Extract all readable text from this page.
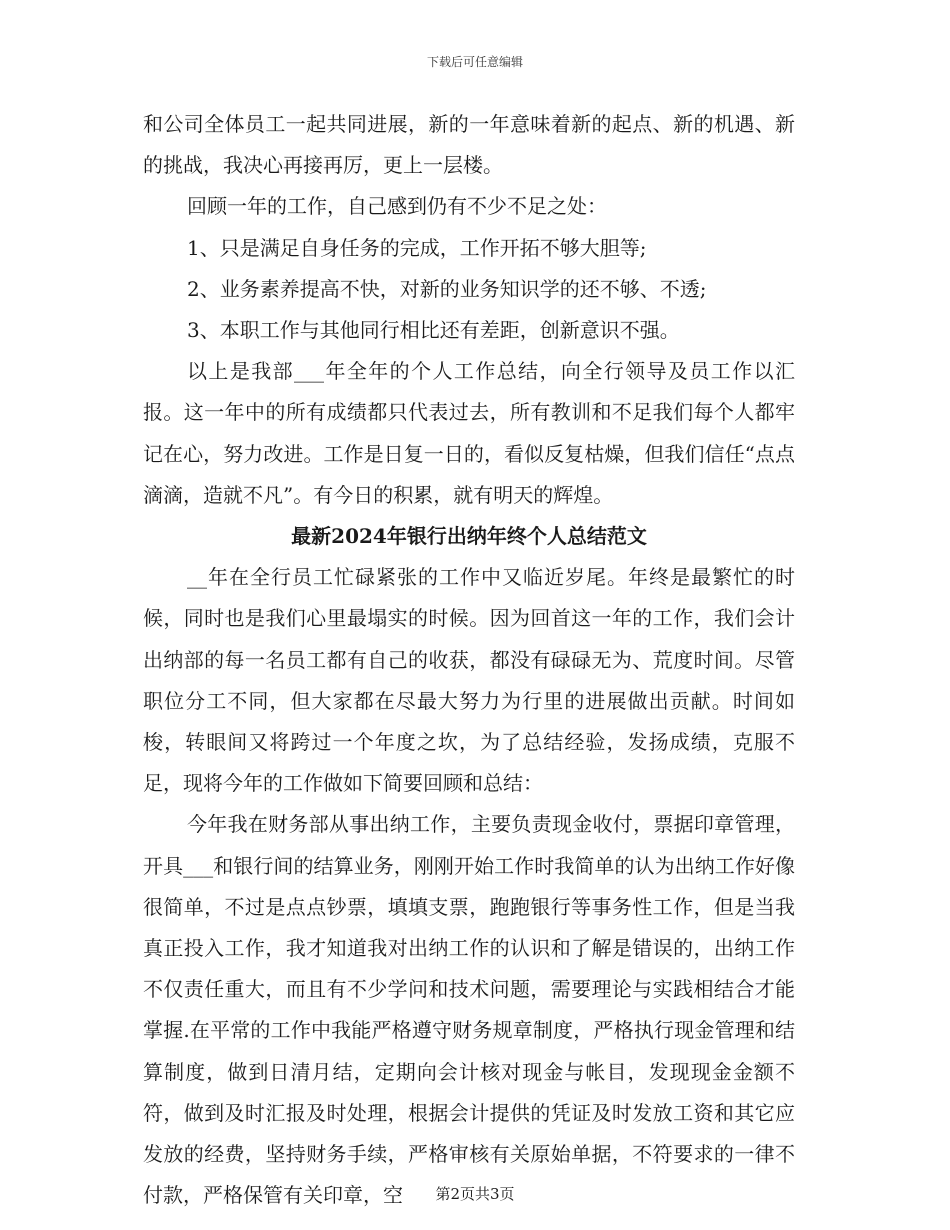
下载后可任意编辑

和公司全体员工一起共同进展，新的一年意味着新的起点、新的机遇、新的挑战，我决心再接再厉，更上一层楼。

回顾一年的工作，自己感到仍有不少不足之处：

1、只是满足自身任务的完成，工作开拓不够大胆等;

2、业务素养提高不快，对新的业务知识学的还不够、不透;

3、本职工作与其他同行相比还有差距，创新意识不强。

以上是我部___年全年的个人工作总结，向全行领导及员工作以汇报。这一年中的所有成绩都只代表过去，所有教训和不足我们每个人都牢记在心，努力改进。工作是日复一日的，看似反复枯燥，但我们信任“点点滴滴，造就不凡”。有今日的积累，就有明天的辉煌。

最新2024年银行出纳年终个人总结范文

__年在全行员工忙碌紧张的工作中又临近岁尾。年终是最繁忙的时候，同时也是我们心里最塌实的时候。因为回首这一年的工作，我们会计出纳部的每一名员工都有自己的收获，都没有碌碌无为、荒度时间。尽管职位分工不同，但大家都在尽最大努力为行里的进展做出贡献。时间如梭，转眼间又将跨过一个年度之坎，为了总结经验，发扬成绩，克服不足，现将今年的工作做如下简要回顾和总结：

今年我在财务部从事出纳工作，主要负责现金收付，票据印章管理，开具___和银行间的结算业务，刚刚开始工作时我简单的认为出纳工作好像很简单，不过是点点钞票，填填支票，跑跑银行等事务性工作，但是当我真正投入工作，我才知道我对出纳工作的认识和了解是错误的，出纳工作不仅责任重大，而且有不少学问和技术问题，需要理论与实践相结合才能掌握.在平常的工作中我能严格遵守财务规章制度，严格执行现金管理和结算制度，做到日清月结，定期向会计核对现金与帐目，发现现金金额不符，做到及时汇报及时处理，根据会计提供的凭证及时发放工资和其它应发放的经费，坚持财务手续，严格审核有关原始单据，不符要求的一律不付款，严格保管有关印章，空	第2页共3页
